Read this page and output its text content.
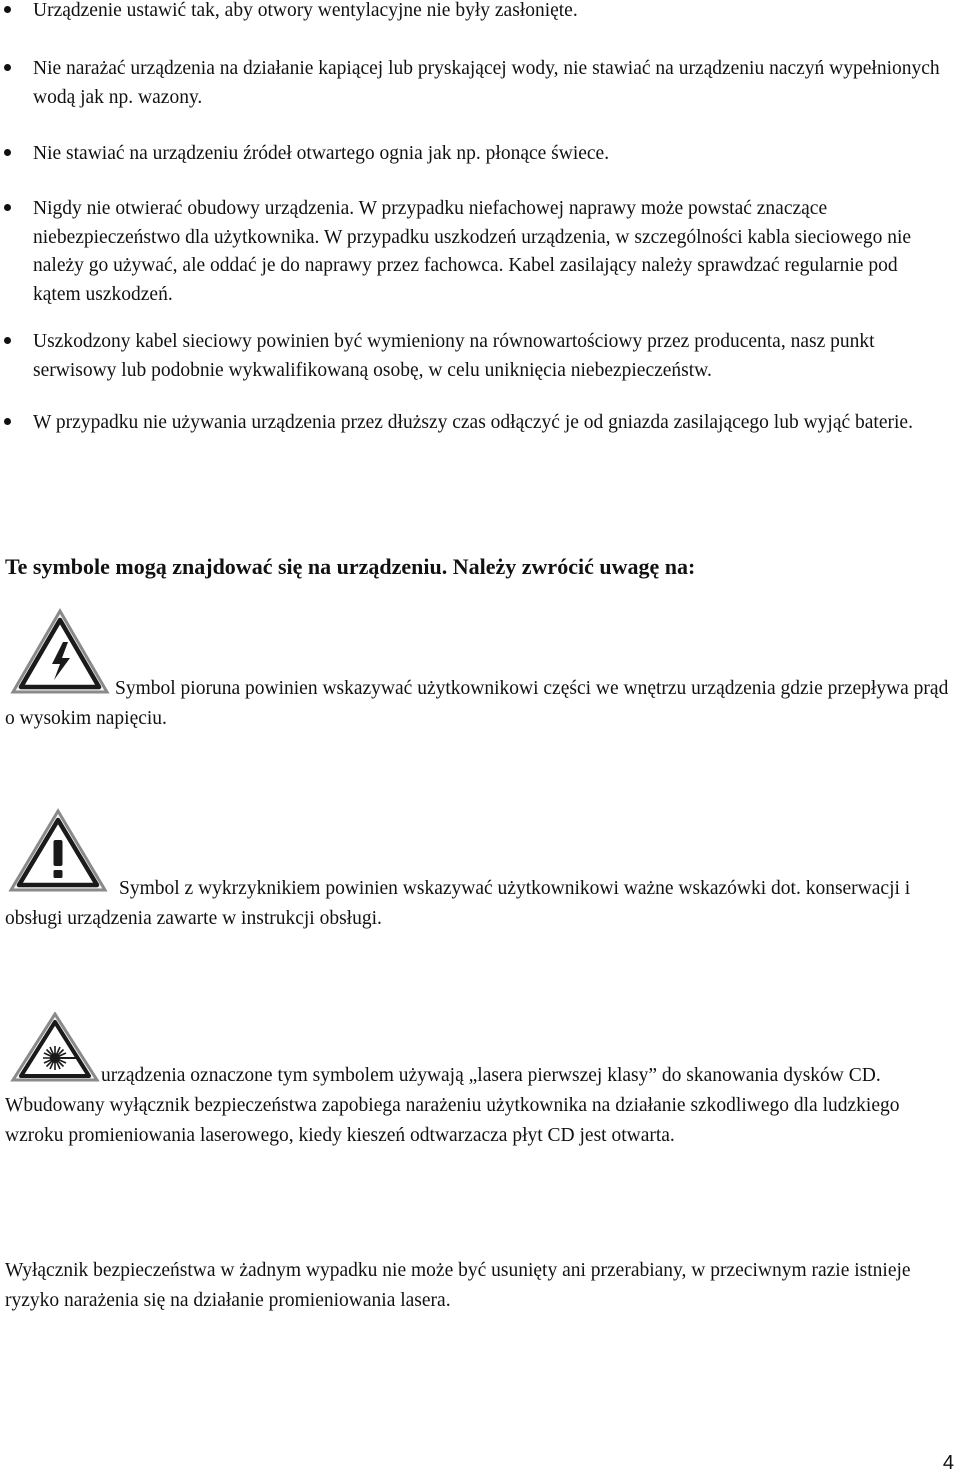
Urządzenie ustawić tak, aby otwory wentylacyjne nie były zasłonięte.
Nie narażać urządzenia na działanie kapiącej lub pryskającej wody, nie stawiać na urządzeniu naczyń wypełnionych wodą jak np. wazony.
Nie stawiać na urządzeniu źródeł otwartego ognia jak np. płonące świece.
Nigdy nie otwierać obudowy urządzenia. W przypadku niefachowej naprawy może powstać znaczące niebezpieczeństwo dla użytkownika. W przypadku uszkodzeń urządzenia, w szczególności kabla sieciowego nie należy go używać, ale oddać je do naprawy przez fachowca. Kabel zasilający należy sprawdzać regularnie pod kątem uszkodzeń.
Uszkodzony kabel sieciowy powinien być wymieniony na równowartościowy przez producenta, nasz punkt serwisowy lub podobnie wykwalifikowaną osobę, w celu uniknięcia niebezpieczeństw.
W przypadku nie używania urządzenia przez dłuższy czas odłączyć je od gniazda zasilającego lub wyjąć baterie.
Te symbole mogą znajdować się na urządzeniu. Należy zwrócić uwagę na:

Symbol pioruna powinien wskazywać użytkownikowi części we wnętrzu urządzenia gdzie przepływa prąd o wysokim napięciu.

Symbol z wykrzyknikiem powinien wskazywać użytkownikowi ważne wskazówki dot. konserwacji i obsługi urządzenia zawarte w instrukcji obsługi.

urządzenia oznaczone tym symbolem używają „lasera pierwszej klasy” do skanowania dysków CD. Wbudowany wyłącznik bezpieczeństwa zapobiega narażeniu użytkownika na działanie szkodliwego dla ludzkiego wzroku promieniowania laserowego, kiedy kieszeń odtwarzacza płyt CD jest otwarta.

Wyłącznik bezpieczeństwa w żadnym wypadku nie może być usunięty ani przerabiany, w przeciwnym razie istnieje ryzyko narażenia się na działanie promieniowania lasera.

4
